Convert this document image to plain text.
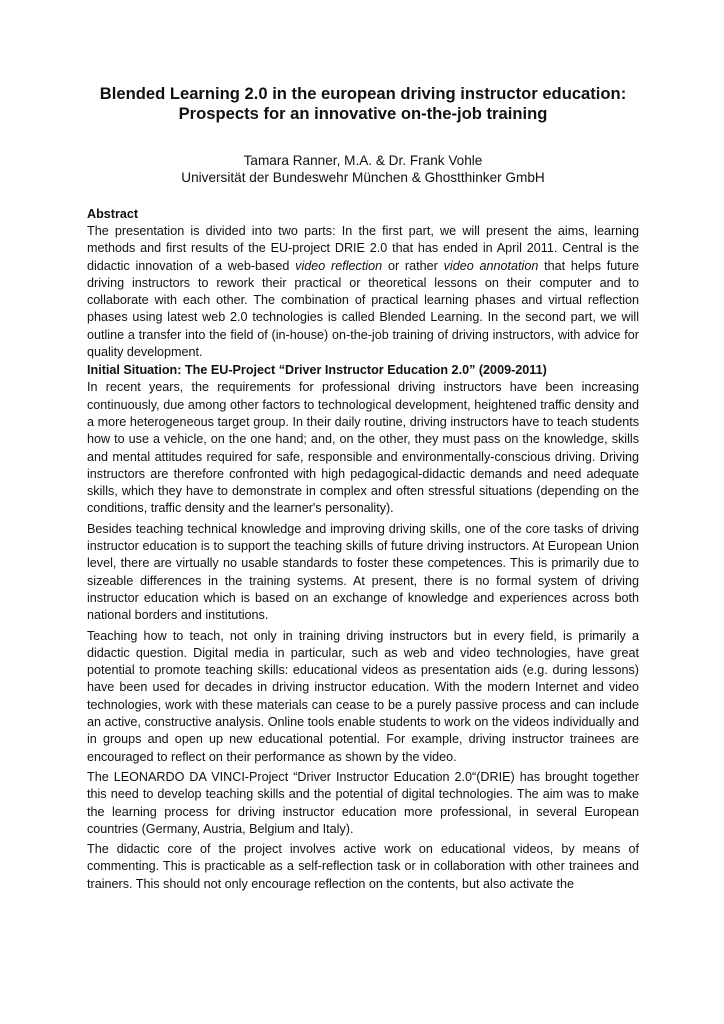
Blended Learning 2.0 in the european driving instructor education:
Prospects for an innovative on-the-job training
Tamara Ranner, M.A. & Dr. Frank Vohle
Universität der Bundeswehr München & Ghostthinker GmbH
Abstract

The presentation is divided into two parts: In the first part, we will present the aims, learning methods and first results of the EU-project DRIE 2.0 that has ended in April 2011. Central is the didactic innovation of a web-based video reflection or rather video annotation that helps future driving instructors to rework their practical or theoretical lessons on their computer and to collaborate with each other. The combination of practical learning phases and virtual reflection phases using latest web 2.0 technologies is called Blended Learning. In the second part, we will outline a transfer into the field of (in-house) on-the-job training of driving instructors, with advice for quality development.

Initial Situation: The EU-Project “Driver Instructor Education 2.0” (2009-2011)

In recent years, the requirements for professional driving instructors have been increasing continuously, due among other factors to technological development, heightened traffic density and a more heterogeneous target group. In their daily routine, driving instructors have to teach students how to use a vehicle, on the one hand; and, on the other, they must pass on the knowledge, skills and mental attitudes required for safe, responsible and environmentally-conscious driving. Driving instructors are therefore confronted with high pedagogical-didactic demands and need adequate skills, which they have to demonstrate in complex and often stressful situations (depending on the conditions, traffic density and the learner's personality).

Besides teaching technical knowledge and improving driving skills, one of the core tasks of driving instructor education is to support the teaching skills of future driving instructors. At European Union level, there are virtually no usable standards to foster these competences. This is primarily due to sizeable differences in the training systems. At present, there is no formal system of driving instructor education which is based on an exchange of knowledge and experiences across both national borders and institutions.

Teaching how to teach, not only in training driving instructors but in every field, is primarily a didactic question. Digital media in particular, such as web and video technologies, have great potential to promote teaching skills: educational videos as presentation aids (e.g. during lessons) have been used for decades in driving instructor education. With the modern Internet and video technologies, work with these materials can cease to be a purely passive process and can include an active, constructive analysis. Online tools enable students to work on the videos individually and in groups and open up new educational potential. For example, driving instructor trainees are encouraged to reflect on their performance as shown by the video.

The LEONARDO DA VINCI-Project “Driver Instructor Education 2.0“(DRIE) has brought together this need to develop teaching skills and the potential of digital technologies. The aim was to make the learning process for driving instructor education more professional, in several European countries (Germany, Austria, Belgium and Italy).

The didactic core of the project involves active work on educational videos, by means of commenting. This is practicable as a self-reflection task or in collaboration with other trainees and trainers. This should not only encourage reflection on the contents, but also activate the
